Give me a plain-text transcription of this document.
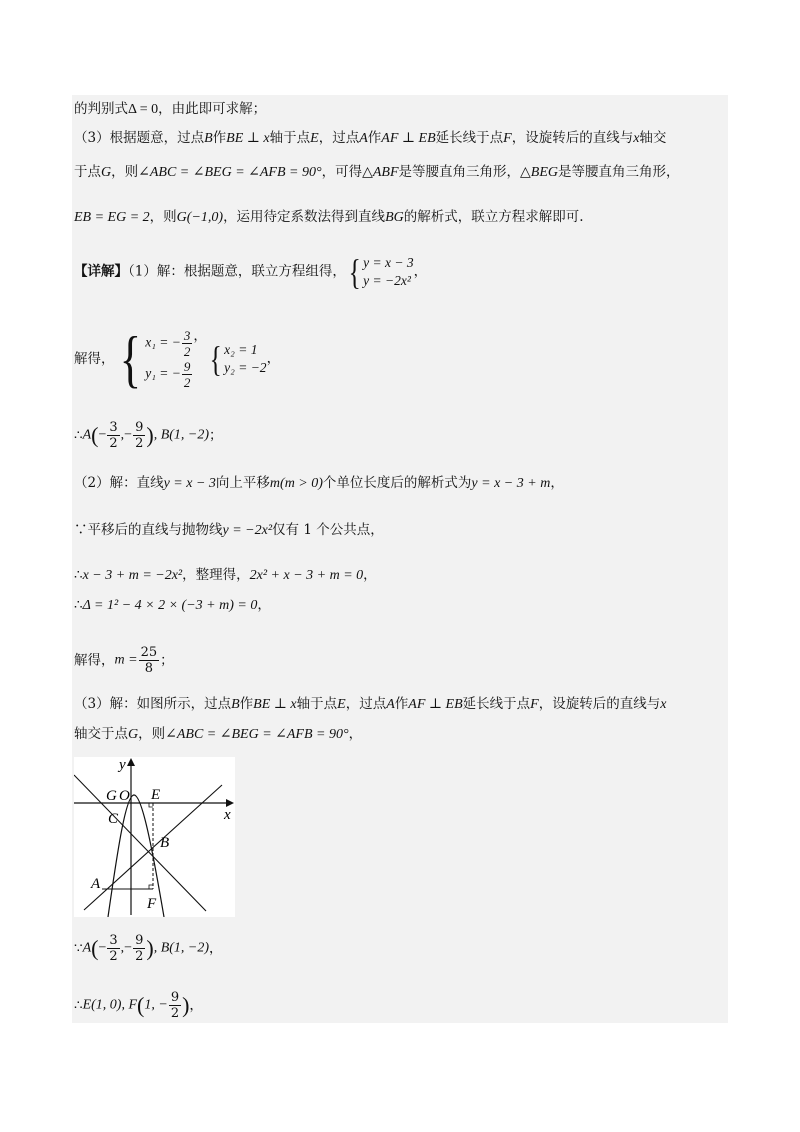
的判别式Δ = 0，由此即可求解；
（3）根据题意，过点B作BE ⊥ x轴于点E，过点A作AF ⊥ EB延长线于点F，设旋转后的直线与x轴交
于点G，则∠ABC = ∠BEG = ∠AFB = 90°，可得△ABF是等腰直角三角形，△BEG是等腰直角三角形，
EB = EG = 2，则G(−1,0)，运用待定系数法得到直线BG的解析式，联立方程求解即可.
【详解】（1）解：根据题意，联立方程组得，{ y = x − 3
y = −2x²
，
解得，{ x₁ = − $\frac{3}{2}$
y₁ = − $\frac{9}{2}$
，{ x₂ = 1
y₂ = −2
，
∴A(− $\frac{3}{2}$ ,− $\frac{9}{2}$ ), B(1, −2)；
（2）解：直线y = x − 3向上平移m(m > 0)个单位长度后的解析式为y = x − 3 + m，
∵平移后的直线与抛物线y = −2x²仅有 1 个公共点，
∴x − 3 + m = −2x²，整理得，2x² + x − 3 + m = 0，
∴Δ = 1² − 4 × 2 × (−3 + m) = 0，
解得，$m = \frac{25}{8}$ ；
（3）解：如图所示，过点B作BE ⊥ x轴于点E，过点A作AF ⊥ EB延长线于点F，设旋转后的直线与x
轴交于点G，则∠ABC = ∠BEG = ∠AFB = 90°，
y
x
G O E
C
B
A
F
∵A(− $\frac{3}{2}$ ,− $\frac{9}{2}$ ), B(1, −2)，
∴E(1, 0), F(1, − $\frac{9}{2}$ )，
